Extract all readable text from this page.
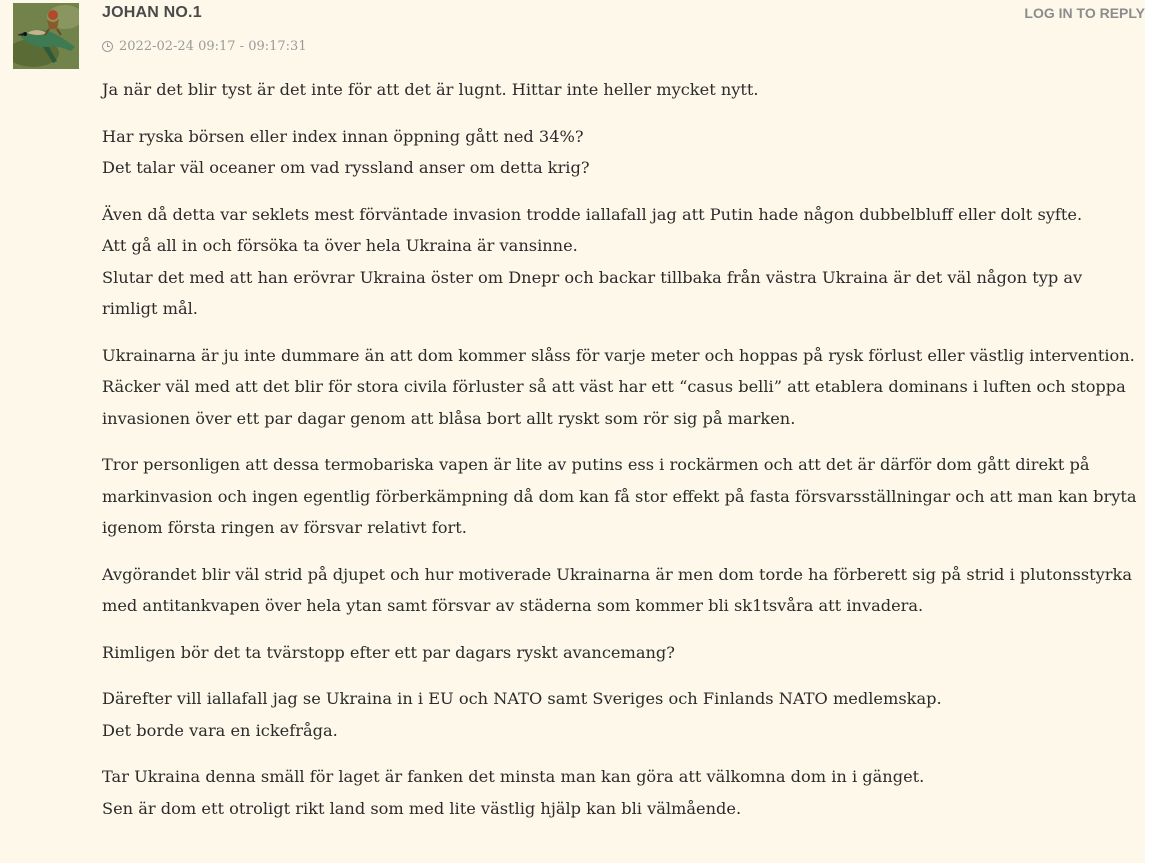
JOHAN NO.1	LOG IN TO REPLY
2022-02-24 09:17 - 09:17:31

Ja när det blir tyst är det inte för att det är lugnt. Hittar inte heller mycket nytt.

Har ryska börsen eller index innan öppning gått ned 34%?
Det talar väl oceaner om vad ryssland anser om detta krig?

Även då detta var seklets mest förväntade invasion trodde iallafall jag att Putin hade någon dubbelbluff eller dolt syfte.
Att gå all in och försöka ta över hela Ukraina är vansinne.
Slutar det med att han erövrar Ukraina öster om Dnepr och backar tillbaka från västra Ukraina är det väl någon typ av rimligt mål.

Ukrainarna är ju inte dummare än att dom kommer slåss för varje meter och hoppas på rysk förlust eller västlig intervention. Räcker väl med att det blir för stora civila förluster så att väst har ett “casus belli” att etablera dominans i luften och stoppa invasionen över ett par dagar genom att blåsa bort allt ryskt som rör sig på marken.

Tror personligen att dessa termobariska vapen är lite av putins ess i rockärmen och att det är därför dom gått direkt på markinvasion och ingen egentlig förberkämpning då dom kan få stor effekt på fasta försvarsställningar och att man kan bryta igenom första ringen av försvar relativt fort.

Avgörandet blir väl strid på djupet och hur motiverade Ukrainarna är men dom torde ha förberett sig på strid i plutonsstyrka med antitankvapen över hela ytan samt försvar av städerna som kommer bli sk1tsvåra att invadera.

Rimligen bör det ta tvärstopp efter ett par dagars ryskt avancemang?

Därefter vill iallafall jag se Ukraina in i EU och NATO samt Sveriges och Finlands NATO medlemskap.
Det borde vara en ickefråga.

Tar Ukraina denna smäll för laget är fanken det minsta man kan göra att välkomna dom in i gänget.
Sen är dom ett otroligt rikt land som med lite västlig hjälp kan bli välmående.
